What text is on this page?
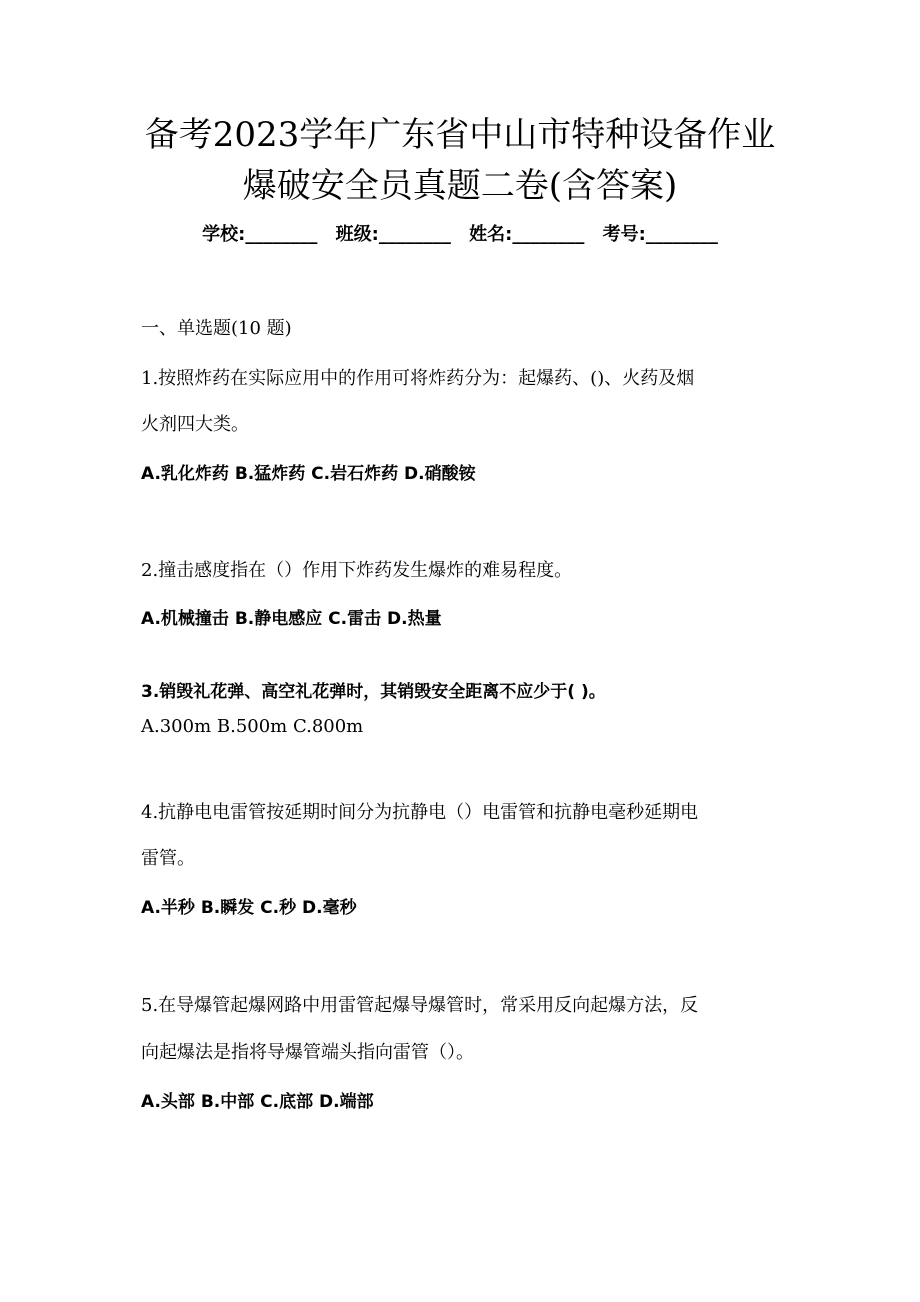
备考2023学年广东省中山市特种设备作业
爆破安全员真题二卷(含答案)
学校:________ 班级:________ 姓名:________ 考号:________
一、单选题(10 题)
1.按照炸药在实际应用中的作用可将炸药分为：起爆药、()、火药及烟
火剂四大类。
A.乳化炸药 B.猛炸药 C.岩石炸药 D.硝酸铵
2.撞击感度指在（）作用下炸药发生爆炸的难易程度。
A.机械撞击 B.静电感应 C.雷击 D.热量
3.销毁礼花弹、高空礼花弹时，其销毁安全距离不应少于( )。
A.300m B.500m C.800m
4.抗静电电雷管按延期时间分为抗静电（）电雷管和抗静电毫秒延期电
雷管。
A.半秒 B.瞬发 C.秒 D.毫秒
5.在导爆管起爆网路中用雷管起爆导爆管时，常采用反向起爆方法，反
向起爆法是指将导爆管端头指向雷管（）。
A.头部 B.中部 C.底部 D.端部
